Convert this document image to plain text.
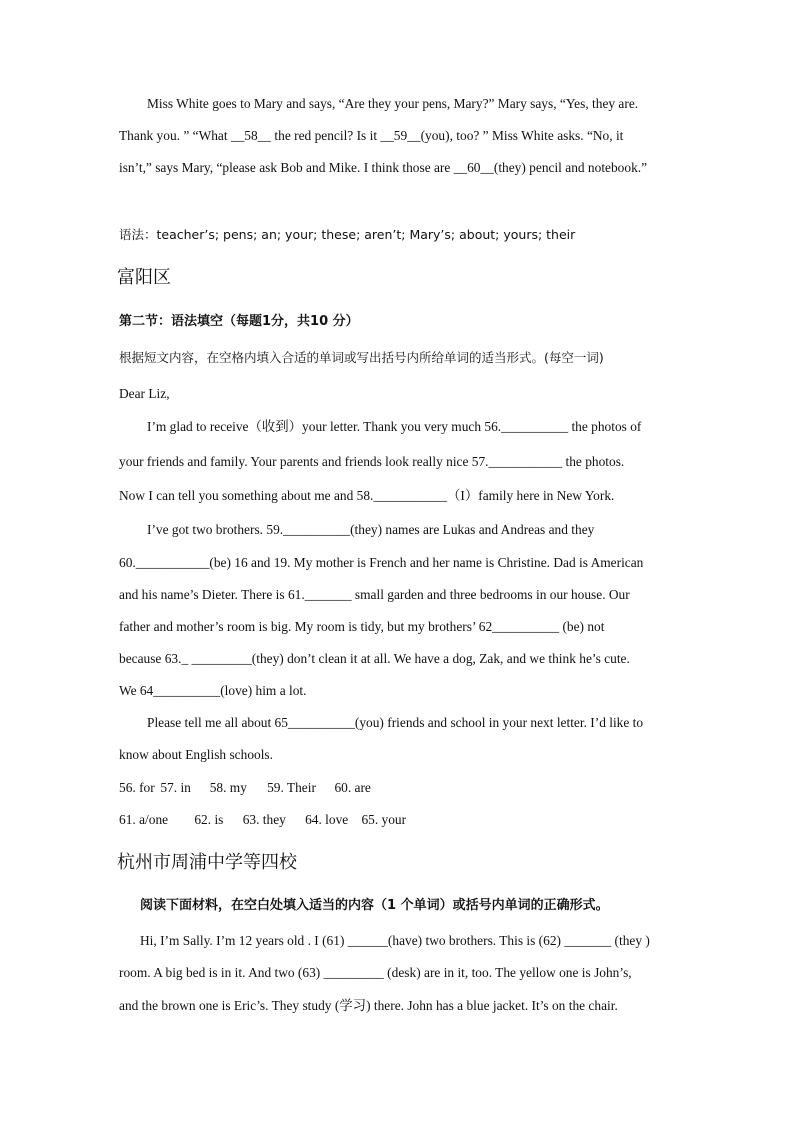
Miss White goes to Mary and says, “Are they your pens, Mary?” Mary says, “Yes, they are.
Thank you. ” “What __58__ the red pencil? Is it __59__(you), too? ” Miss White asks. “No, it
isn’t,” says Mary, “please ask Bob and Mike. I think those are __60__(they) pencil and notebook.”
语法：teacher’s; pens; an; your; these; aren’t; Mary’s; about; yours; their
富阳区
第二节：语法填空（每题1分，共10 分）
根据短文内容，在空格内填入合适的单词或写出括号内所给单词的适当形式。(每空一词)
Dear Liz,
I’m glad to receive（收到）your letter. Thank you very much 56.__________ the photos of
your friends and family. Your parents and friends look really nice 57.___________ the photos.
Now I can tell you something about me and 58.___________（I）family here in New York.
I’ve got two brothers. 59.__________(they) names are Lukas and Andreas and they
60.___________(be) 16 and 19. My mother is French and her name is Christine. Dad is American
and his name’s Dieter. There is 61._______ small garden and three bedrooms in our house. Our
father and mother’s room is big. My room is tidy, but my brothers’ 62__________ (be) not
because 63._ _________(they) don’t clean it at all. We have a dog, Zak, and we think he’s cute.
We 64__________(love) him a lot.
Please tell me all about 65__________(you) friends and school in your next letter. I’d like to
know about English schools.
56. for 57. in 58. my 59. Their 60. are
61. a/one 62. is 63. they 64. love 65. your
杭州市周浦中学等四校
阅读下面材料，在空白处填入适当的内容（1 个单词）或括号内单词的正确形式。
Hi, I’m Sally. I’m 12 years old . I (61) ______(have) two brothers. This is (62) _______ (they )
room. A big bed is in it. And two (63) _________ (desk) are in it, too. The yellow one is John’s,
and the brown one is Eric’s. They study (学习) there. John has a blue jacket. It’s on the chair.
